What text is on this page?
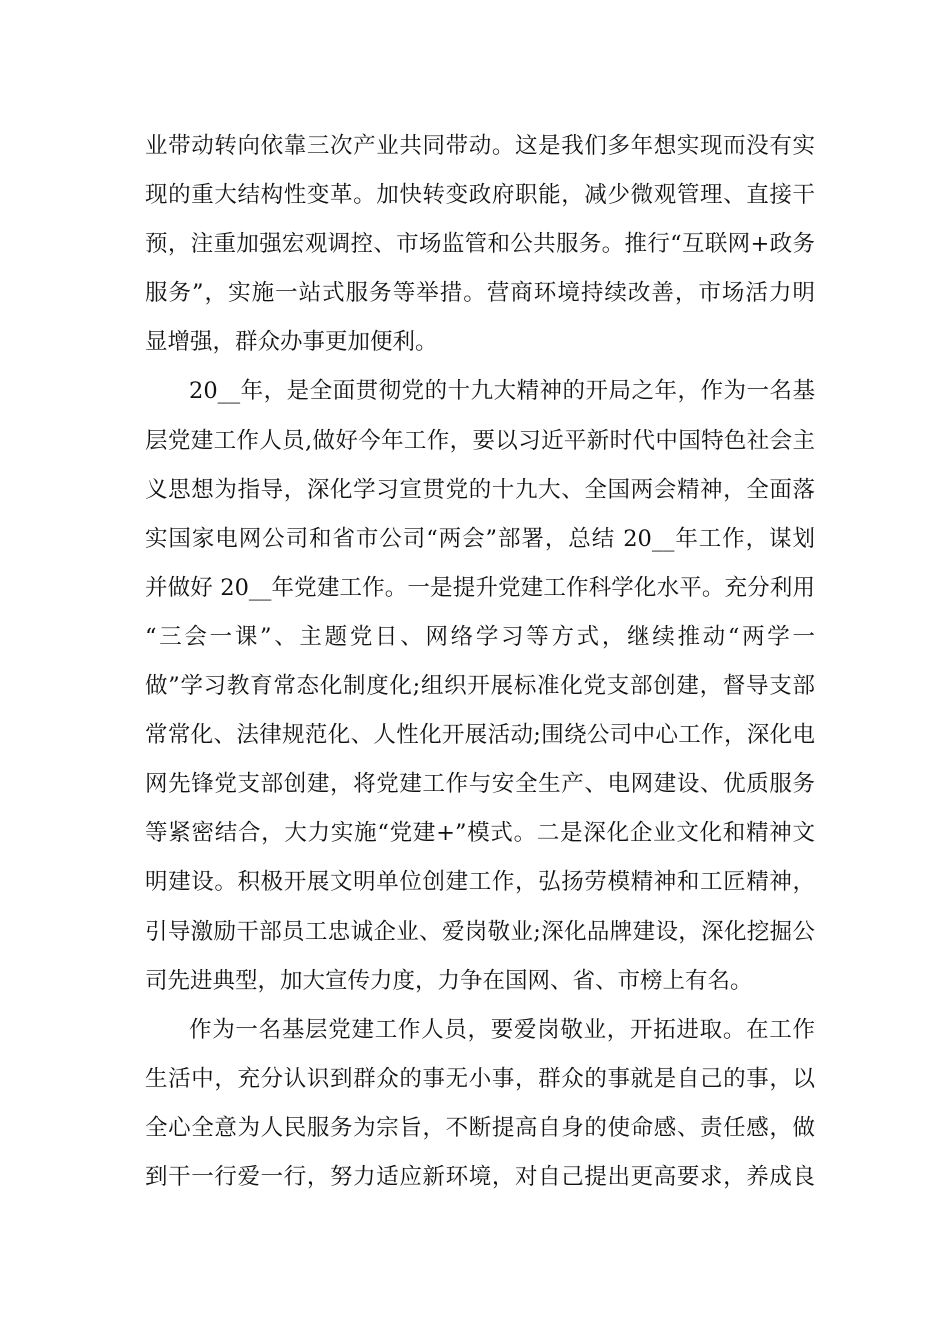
业带动转向依靠三次产业共同带动。这是我们多年想实现而没有实
现的重大结构性变革。加快转变政府职能，减少微观管理、直接干
预，注重加强宏观调控、市场监管和公共服务。推行“互联网+政务
服务”，实施一站式服务等举措。营商环境持续改善，市场活力明
显增强，群众办事更加便利。
20__年，是全面贯彻党的十九大精神的开局之年，作为一名基
层党建工作人员,做好今年工作，要以习近平新时代中国特色社会主
义思想为指导，深化学习宣贯党的十九大、全国两会精神，全面落
实国家电网公司和省市公司“两会”部署，总结 20__年工作，谋划
并做好 20__年党建工作。一是提升党建工作科学化水平。充分利用
“三会一课”、主题党日、网络学习等方式，继续推动“两学一
做”学习教育常态化制度化;组织开展标准化党支部创建，督导支部
常常化、法律规范化、人性化开展活动;围绕公司中心工作，深化电
网先锋党支部创建，将党建工作与安全生产、电网建设、优质服务
等紧密结合，大力实施“党建+”模式。二是深化企业文化和精神文
明建设。积极开展文明单位创建工作，弘扬劳模精神和工匠精神，
引导激励干部员工忠诚企业、爱岗敬业;深化品牌建设，深化挖掘公
司先进典型，加大宣传力度，力争在国网、省、市榜上有名。
作为一名基层党建工作人员，要爱岗敬业，开拓进取。在工作
生活中，充分认识到群众的事无小事，群众的事就是自己的事，以
全心全意为人民服务为宗旨，不断提高自身的使命感、责任感，做
到干一行爱一行，努力适应新环境，对自己提出更高要求，养成良
